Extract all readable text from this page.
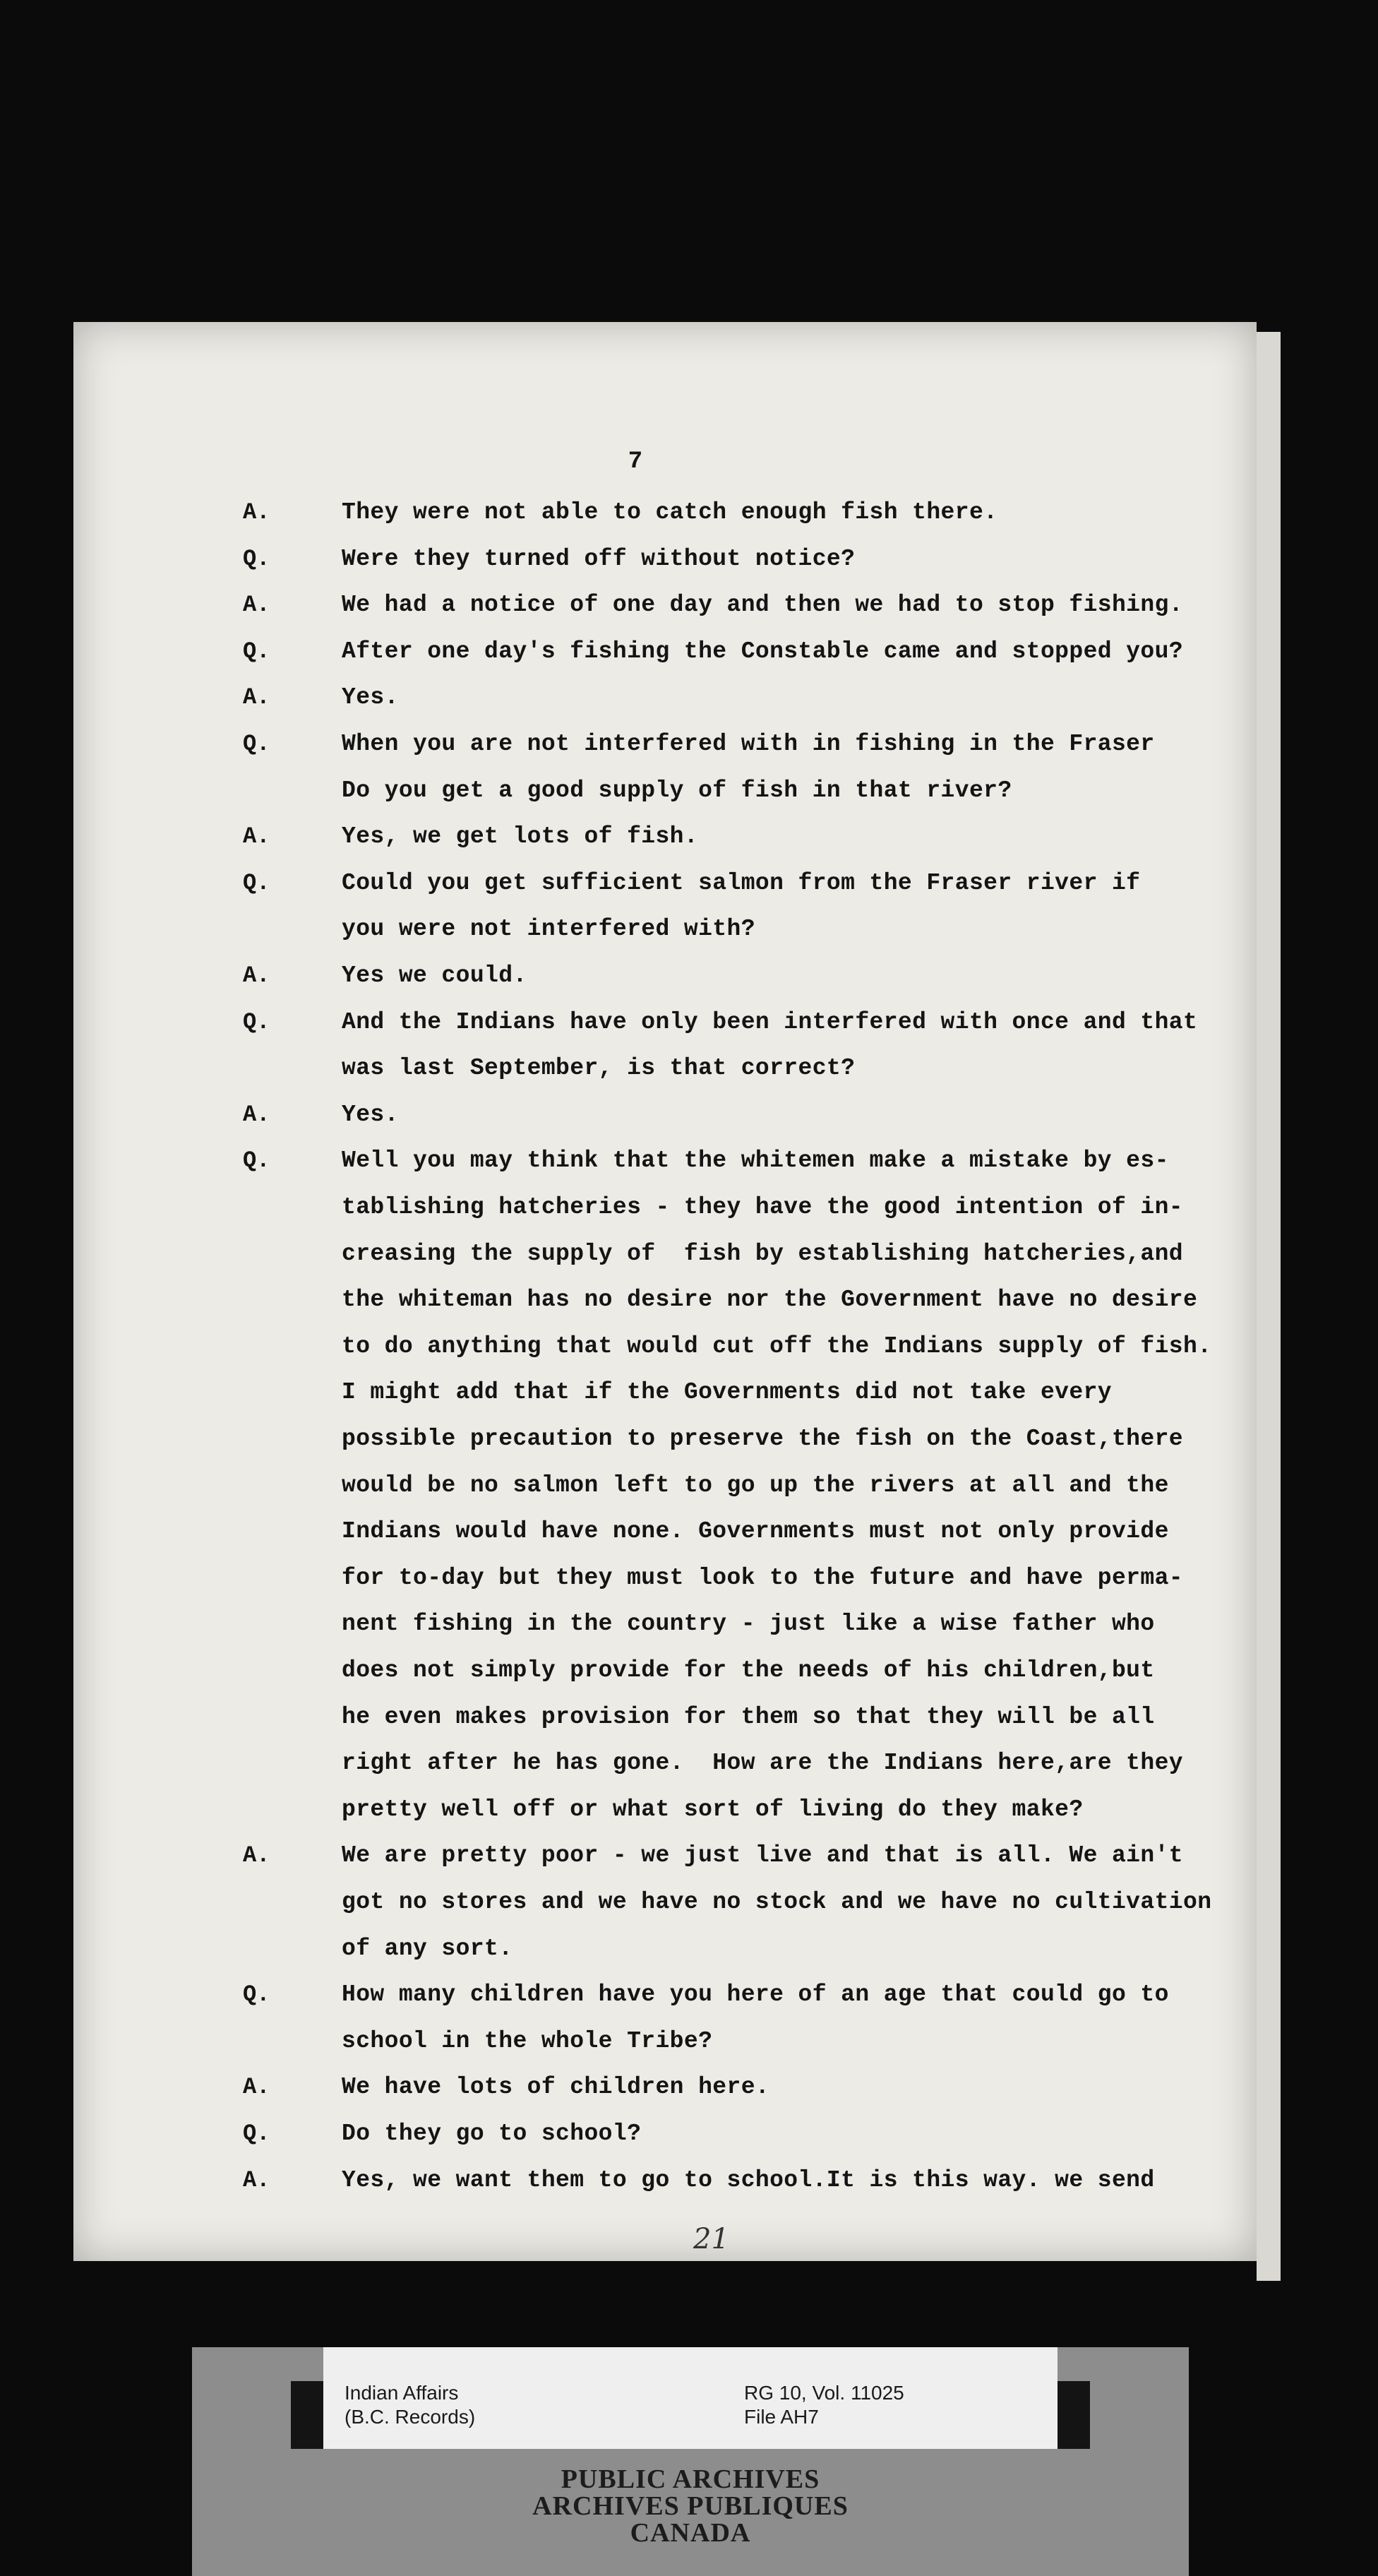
7
A.	They were not able to catch enough fish there.
Q.	Were they turned off without notice?
A.	We had a notice of one day and then we had to stop fishing.
Q.	After one day's fishing the Constable came and stopped you?
A.	Yes.
Q.	When you are not interfered with in fishing in the Fraser
Do you get a good supply of fish in that river?
A.	Yes, we get lots of fish.
Q.	Could you get sufficient salmon from the Fraser river if
you were not interfered with?
A.	Yes we could.
Q.	And the Indians have only been interfered with once and that
was last September, is that correct?
A.	Yes.
Q.	Well you may think that the whitemen make a mistake by es-
tablishing hatcheries - they have the good intention of in-
creasing the supply of  fish by establishing hatcheries,and
the whiteman has no desire nor the Government have no desire
to do anything that would cut off the Indians supply of fish.
I might add that if the Governments did not take every
possible precaution to preserve the fish on the Coast,there
would be no salmon left to go up the rivers at all and the
Indians would have none. Governments must not only provide
for to-day but they must look to the future and have perma-
nent fishing in the country - just like a wise father who
does not simply provide for the needs of his children,but
he even makes provision for them so that they will be all
right after he has gone.  How are the Indians here,are they
pretty well off or what sort of living do they make?
A.	We are pretty poor - we just live and that is all. We ain't
got no stores and we have no stock and we have no cultivation
of any sort.
Q.	How many children have you here of an age that could go to
school in the whole Tribe?
A.	We have lots of children here.
Q.	Do they go to school?
A.	Yes, we want them to go to school.It is this way. we send
21
Indian Affairs
(B.C. Records)
RG 10, Vol. 11025
File AH7
PUBLIC ARCHIVES
ARCHIVES PUBLIQUES
CANADA
